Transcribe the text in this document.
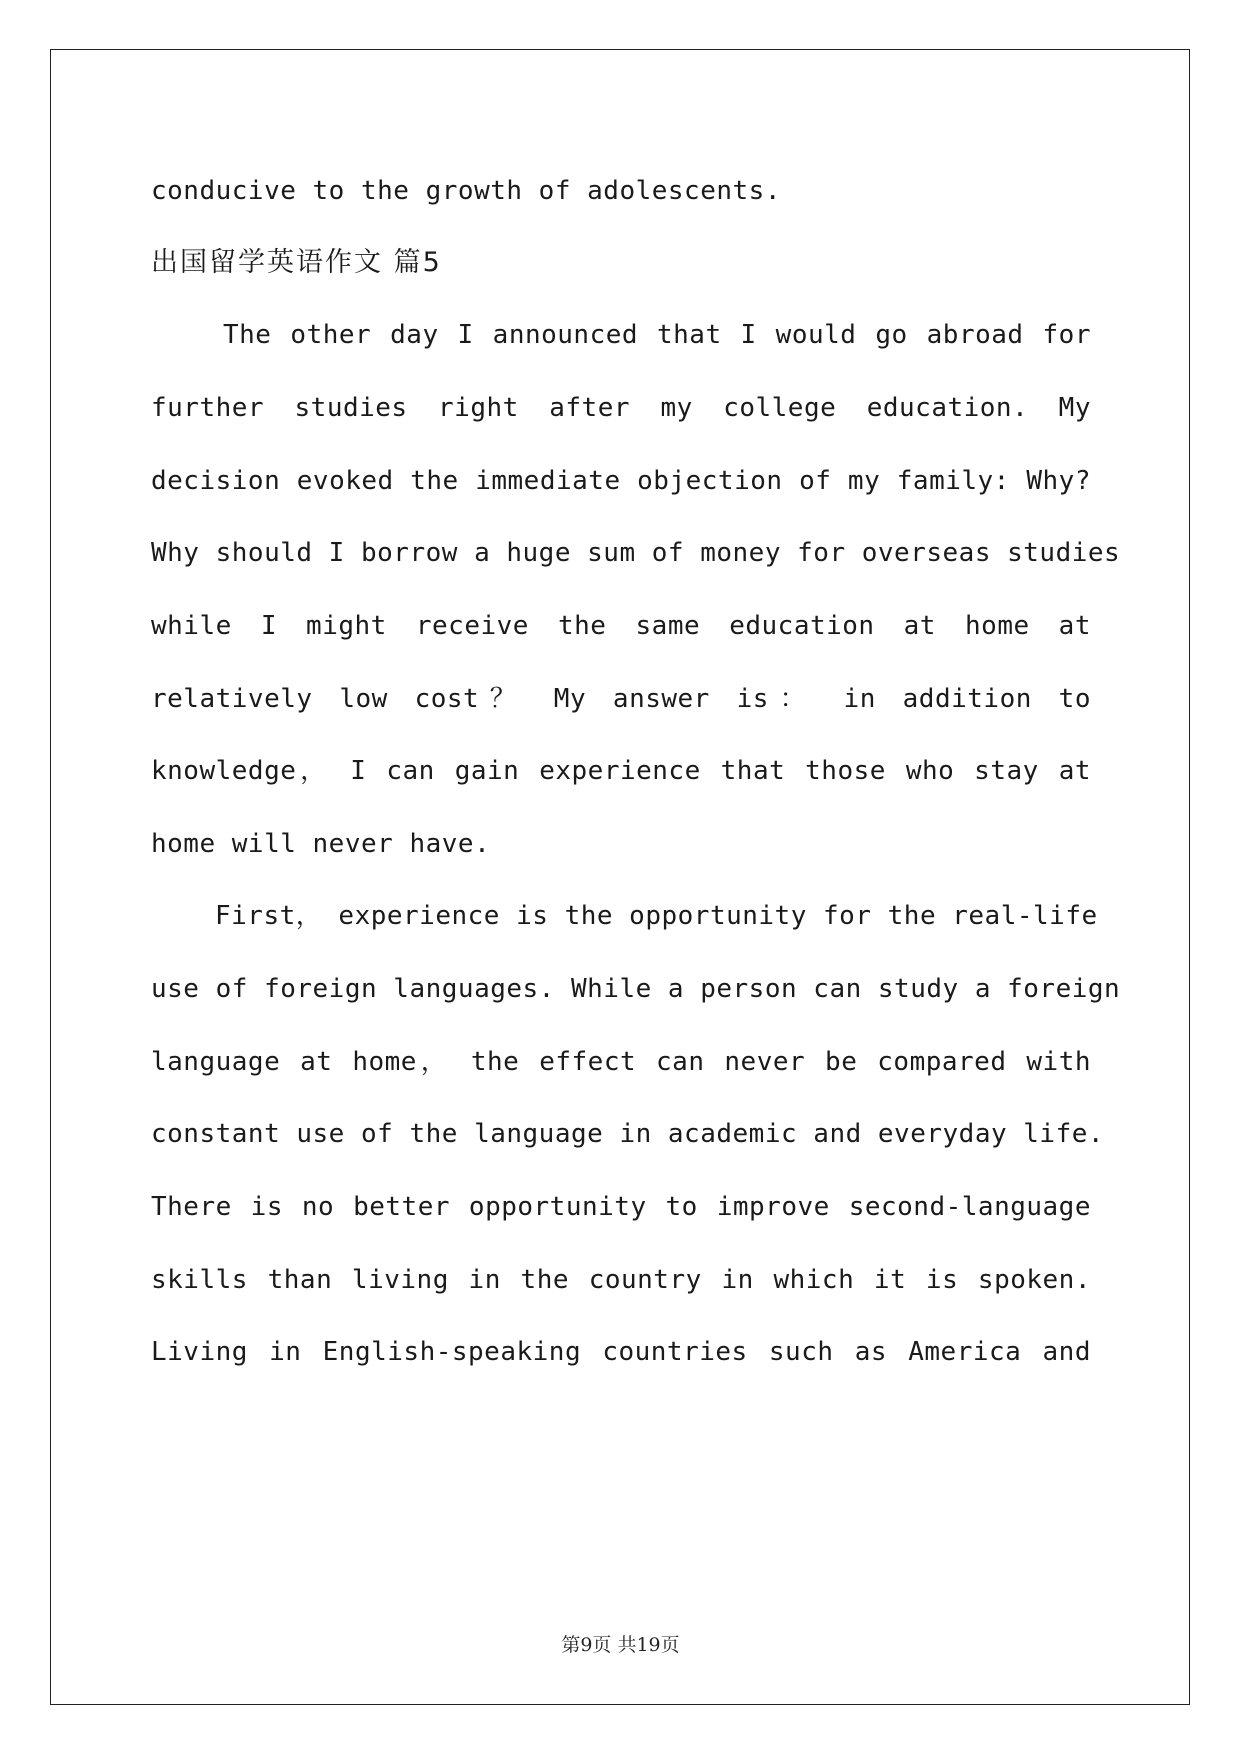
conducive to the growth of adolescents.
出国留学英语作文 篇5
The other day I announced that I would go abroad for
further studies right after my college education. My
decision evoked the immediate objection of my family: Why?
Why should I borrow a huge sum of money for overseas studies
while I might receive the same education at home at
relatively low cost？ My answer is： in addition to
knowledge， I can gain experience that those who stay at
home will never have.
First， experience is the opportunity for the real-life
use of foreign languages. While a person can study a foreign
language at home， the effect can never be compared with
constant use of the language in academic and everyday life.
There is no better opportunity to improve second-language
skills than living in the country in which it is spoken.
Living in English-speaking countries such as America and
第9页 共19页
